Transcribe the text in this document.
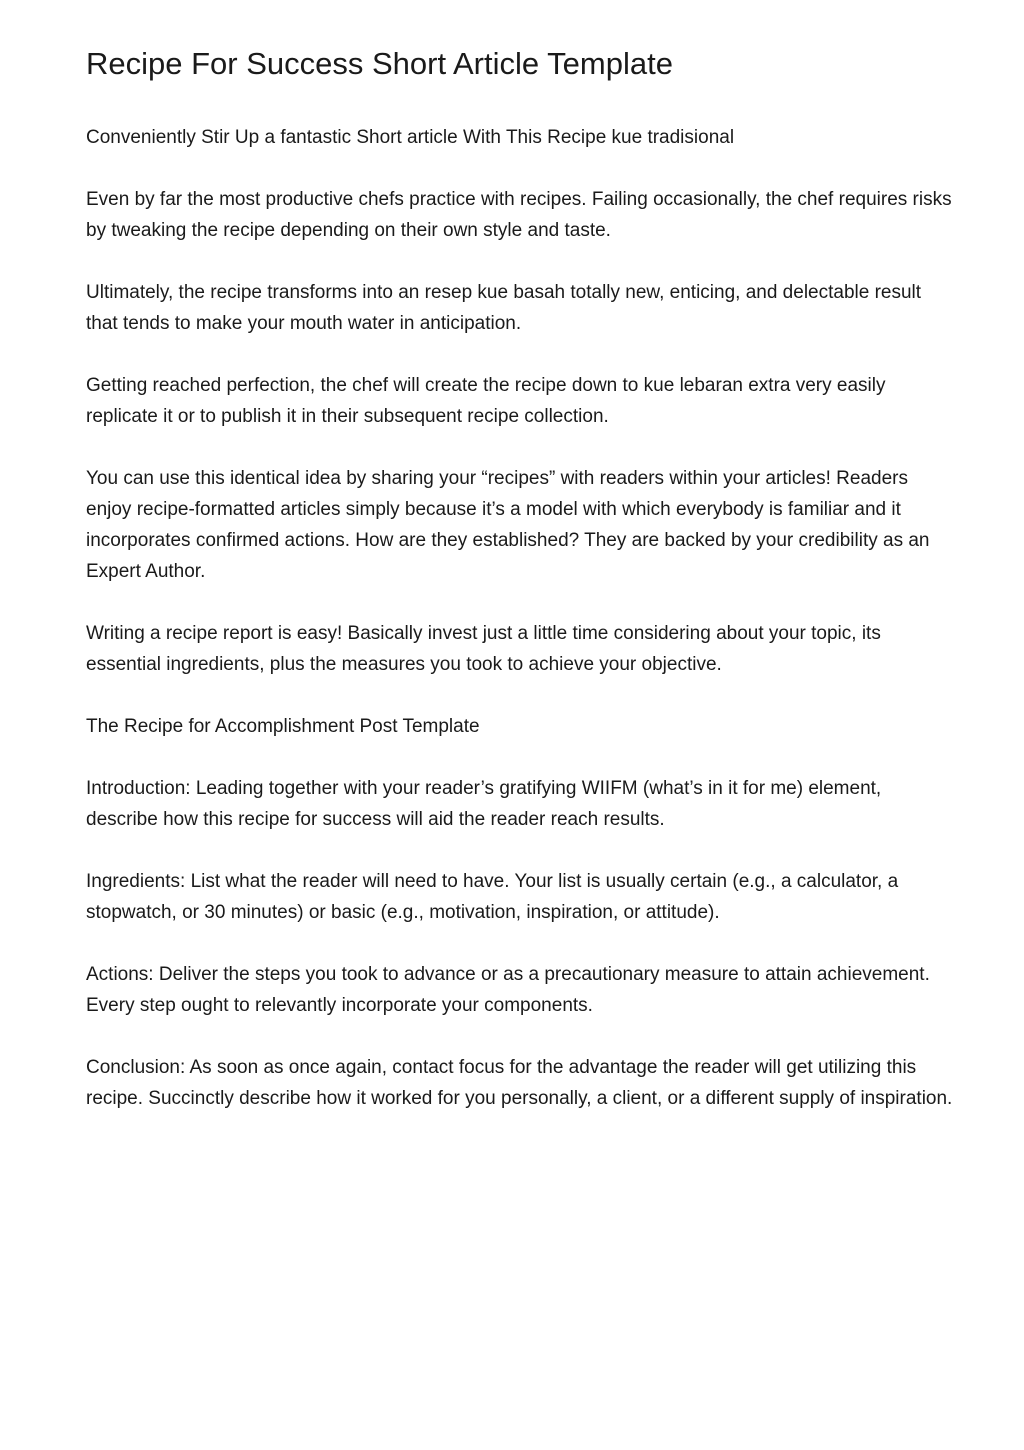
Recipe For Success Short Article Template

Conveniently Stir Up a fantastic Short article With This Recipe kue tradisional

Even by far the most productive chefs practice with recipes. Failing occasionally, the chef requires risks by tweaking the recipe depending on their own style and taste.

Ultimately, the recipe transforms into an resep kue basah totally new, enticing, and delectable result that tends to make your mouth water in anticipation.

Getting reached perfection, the chef will create the recipe down to kue lebaran extra very easily replicate it or to publish it in their subsequent recipe collection.

You can use this identical idea by sharing your “recipes” with readers within your articles! Readers enjoy recipe-formatted articles simply because it’s a model with which everybody is familiar and it incorporates confirmed actions. How are they established? They are backed by your credibility as an Expert Author.

Writing a recipe report is easy! Basically invest just a little time considering about your topic, its essential ingredients, plus the measures you took to achieve your objective.

The Recipe for Accomplishment Post Template

Introduction: Leading together with your reader’s gratifying WIIFM (what’s in it for me) element, describe how this recipe for success will aid the reader reach results.

Ingredients: List what the reader will need to have. Your list is usually certain (e.g., a calculator, a stopwatch, or 30 minutes) or basic (e.g., motivation, inspiration, or attitude).

Actions: Deliver the steps you took to advance or as a precautionary measure to attain achievement. Every step ought to relevantly incorporate your components.

Conclusion: As soon as once again, contact focus for the advantage the reader will get utilizing this recipe. Succinctly describe how it worked for you personally, a client, or a different supply of inspiration.
